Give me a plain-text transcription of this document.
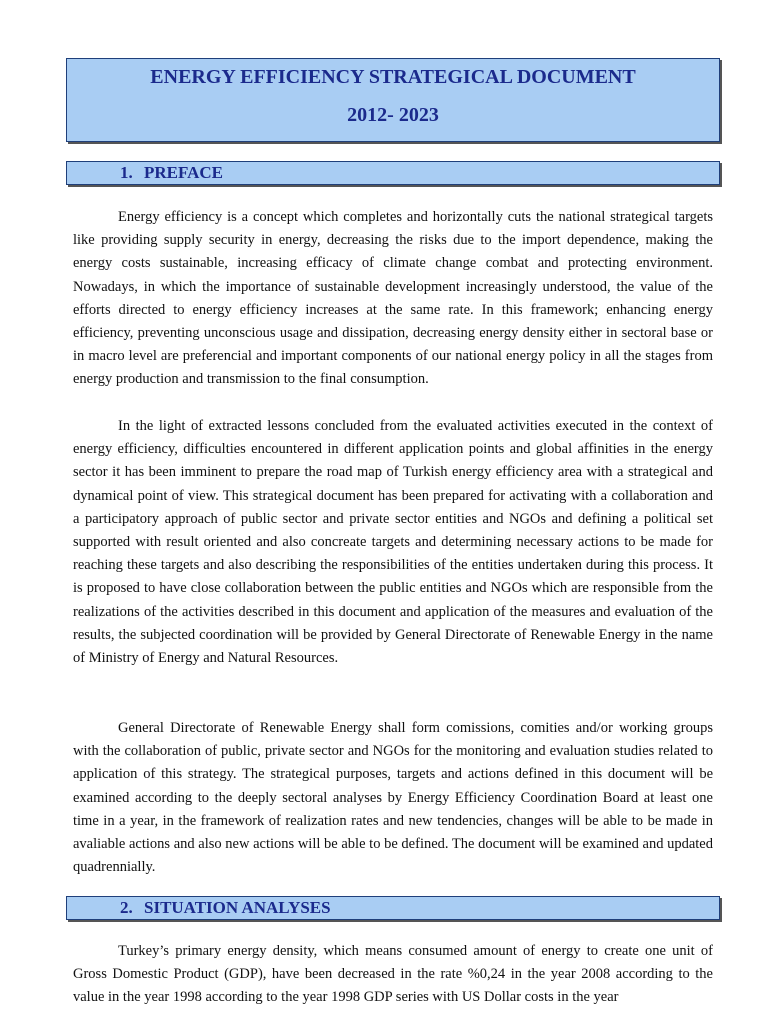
ENERGY EFFICIENCY STRATEGICAL DOCUMENT
2012- 2023
1. PREFACE

Energy efficiency is a concept which completes and horizontally cuts the national strategical targets like providing supply security in energy, decreasing the risks due to the import dependence, making the energy costs sustainable, increasing efficacy of climate change combat and protecting environment. Nowadays, in which the importance of sustainable development increasingly understood, the value of the efforts directed to energy efficiency increases at the same rate. In this framework; enhancing energy efficiency, preventing unconscious usage and dissipation, decreasing energy density either in sectoral base or in macro level are preferencial and important components of our national energy policy in all the stages from energy production and transmission to the final consumption.

In the light of extracted lessons concluded from the evaluated activities executed in the context of energy efficiency, difficulties encountered in different application points and global affinities in the energy sector it has been imminent to prepare the road map of Turkish energy efficiency area with a strategical and dynamical point of view. This strategical document has been prepared for activating with a collaboration and a participatory approach of public sector and private sector entities and NGOs and defining a political set supported with result oriented and also concreate targets and determining necessary actions to be made for reaching these targets and also describing the responsibilities of the entities undertaken during this process. It is proposed to have close collaboration between the public entities and NGOs which are responsible from the realizations of the activities described in this document and application of the measures and evaluation of the results, the subjected coordination will be provided by General Directorate of Renewable Energy in the name of Ministry of Energy and Natural Resources.

General Directorate of Renewable Energy shall form comissions, comities and/or working groups with the collaboration of public, private sector and NGOs for the monitoring and evaluation studies related to application of this strategy. The strategical purposes, targets and actions defined in this document will be examined according to the deeply sectoral analyses by Energy Efficiency Coordination Board at least one time in a year, in the framework of realization rates and new tendencies, changes will be able to be made in avaliable actions and also new actions will be able to be defined. The document will be examined and updated quadrennially.

2. SITUATION ANALYSES

Turkey’s primary energy density, which means consumed amount of energy to create one unit of Gross Domestic Product (GDP), have been decreased in the rate %0,24 in the year 2008 according to the value in the year 1998 according to the year 1998 GDP series with US Dollar costs in the year
